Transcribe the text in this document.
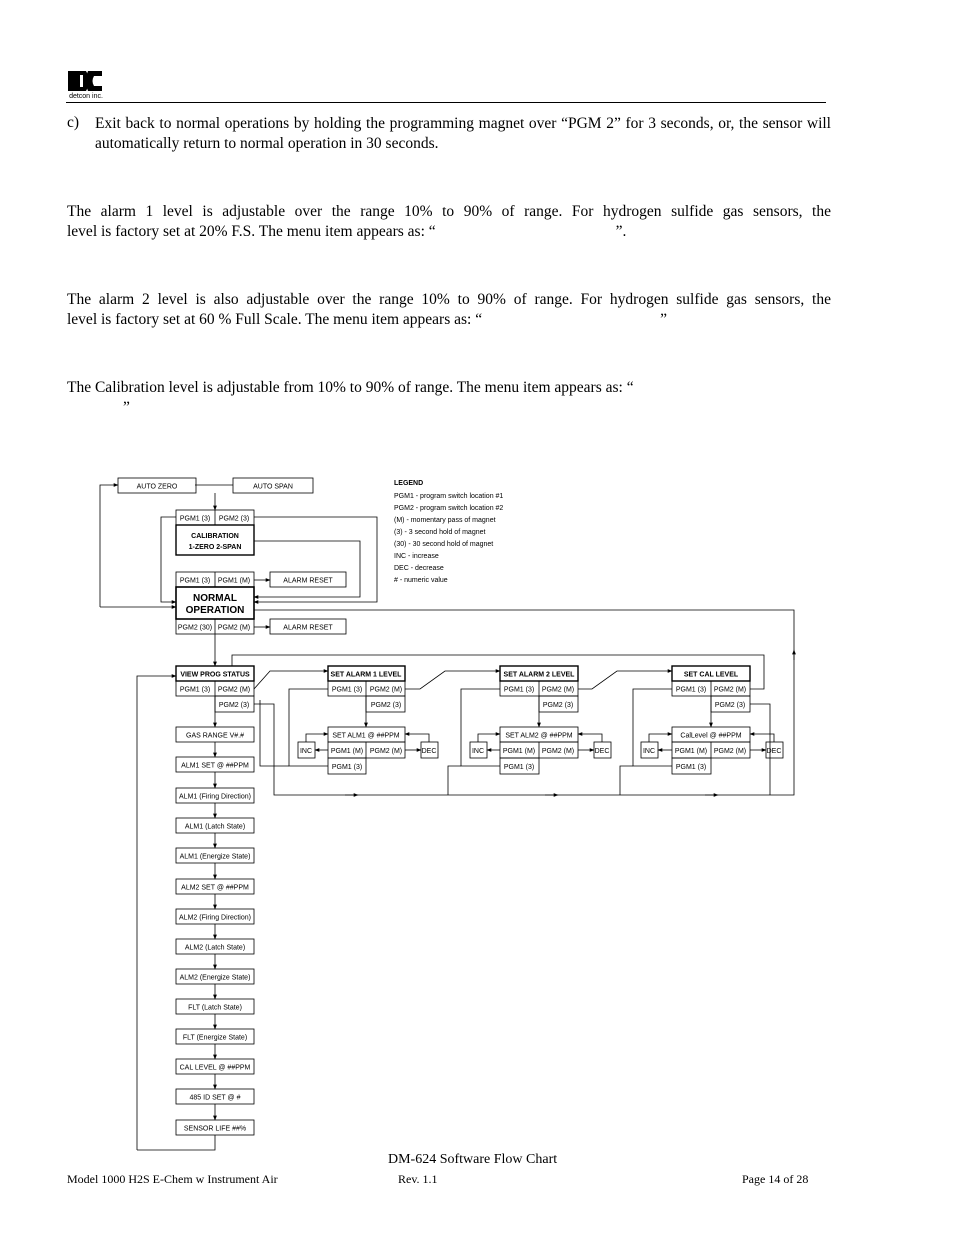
detcon inc.
c) Exit back to normal operations by holding the programming magnet over “PGM 2” for 3 seconds, or, the sensor will automatically return to normal operation in 30 seconds.
The alarm 1 level is adjustable over the range 10% to 90% of range. For hydrogen sulfide gas sensors, the
level is factory set at 20% F.S. The menu item appears as: “	”.
The alarm 2 level is also adjustable over the range 10% to 90% of range. For hydrogen sulfide gas sensors, the
level is factory set at 60 % Full Scale. The menu item appears as: “	”
The Calibration level is adjustable from 10% to 90% of range. The menu item appears as: “
”
AUTO ZERO	AUTO SPAN
PGM1 (3) PGM2 (3)
CALIBRATION
1-ZERO 2-SPAN
PGM1 (3) PGM1 (M)	ALARM RESET
NORMAL
OPERATION
PGM2 (30) PGM2 (M)	ALARM RESET
LEGEND
PGM1 - program switch location #1
PGM2 - program switch location #2
(M) - momentary pass of magnet
(3) - 3 second hold of magnet
(30) - 30 second hold of magnet
INC - increase
DEC - decrease
# - numeric value
VIEW PROG STATUS
PGM1 (3) PGM2 (M)
PGM2 (3)
SET ALARM 1 LEVEL
PGM1 (3) PGM2 (M)
PGM2 (3)
SET ALM1 @ ##PPM
PGM1 (M) PGM2 (M)
PGM1 (3)
INC	DEC
SET ALARM 2 LEVEL
PGM1 (3) PGM2 (M)
PGM2 (3)
SET ALM2 @ ##PPM
PGM1 (M) PGM2 (M)
PGM1 (3)
INC	DEC
SET CAL LEVEL
PGM1 (3) PGM2 (M)
PGM2 (3)
CalLevel @ ##PPM
PGM1 (M) PGM2 (M)
PGM1 (3)
INC	DEC
GAS RANGE V#.#
ALM1 SET @ ##PPM
ALM1 (Firing Direction)
ALM1 (Latch State)
ALM1 (Energize State)
ALM2 SET @ ##PPM
ALM2 (Firing Direction)
ALM2 (Latch State)
ALM2 (Energize State)
FLT (Latch State)
FLT (Energize State)
CAL LEVEL @ ##PPM
485 ID SET @ #
SENSOR LIFE ##%
DM-624 Software Flow Chart
Model 1000 H2S E-Chem w Instrument Air	Rev. 1.1	Page 14 of 28
